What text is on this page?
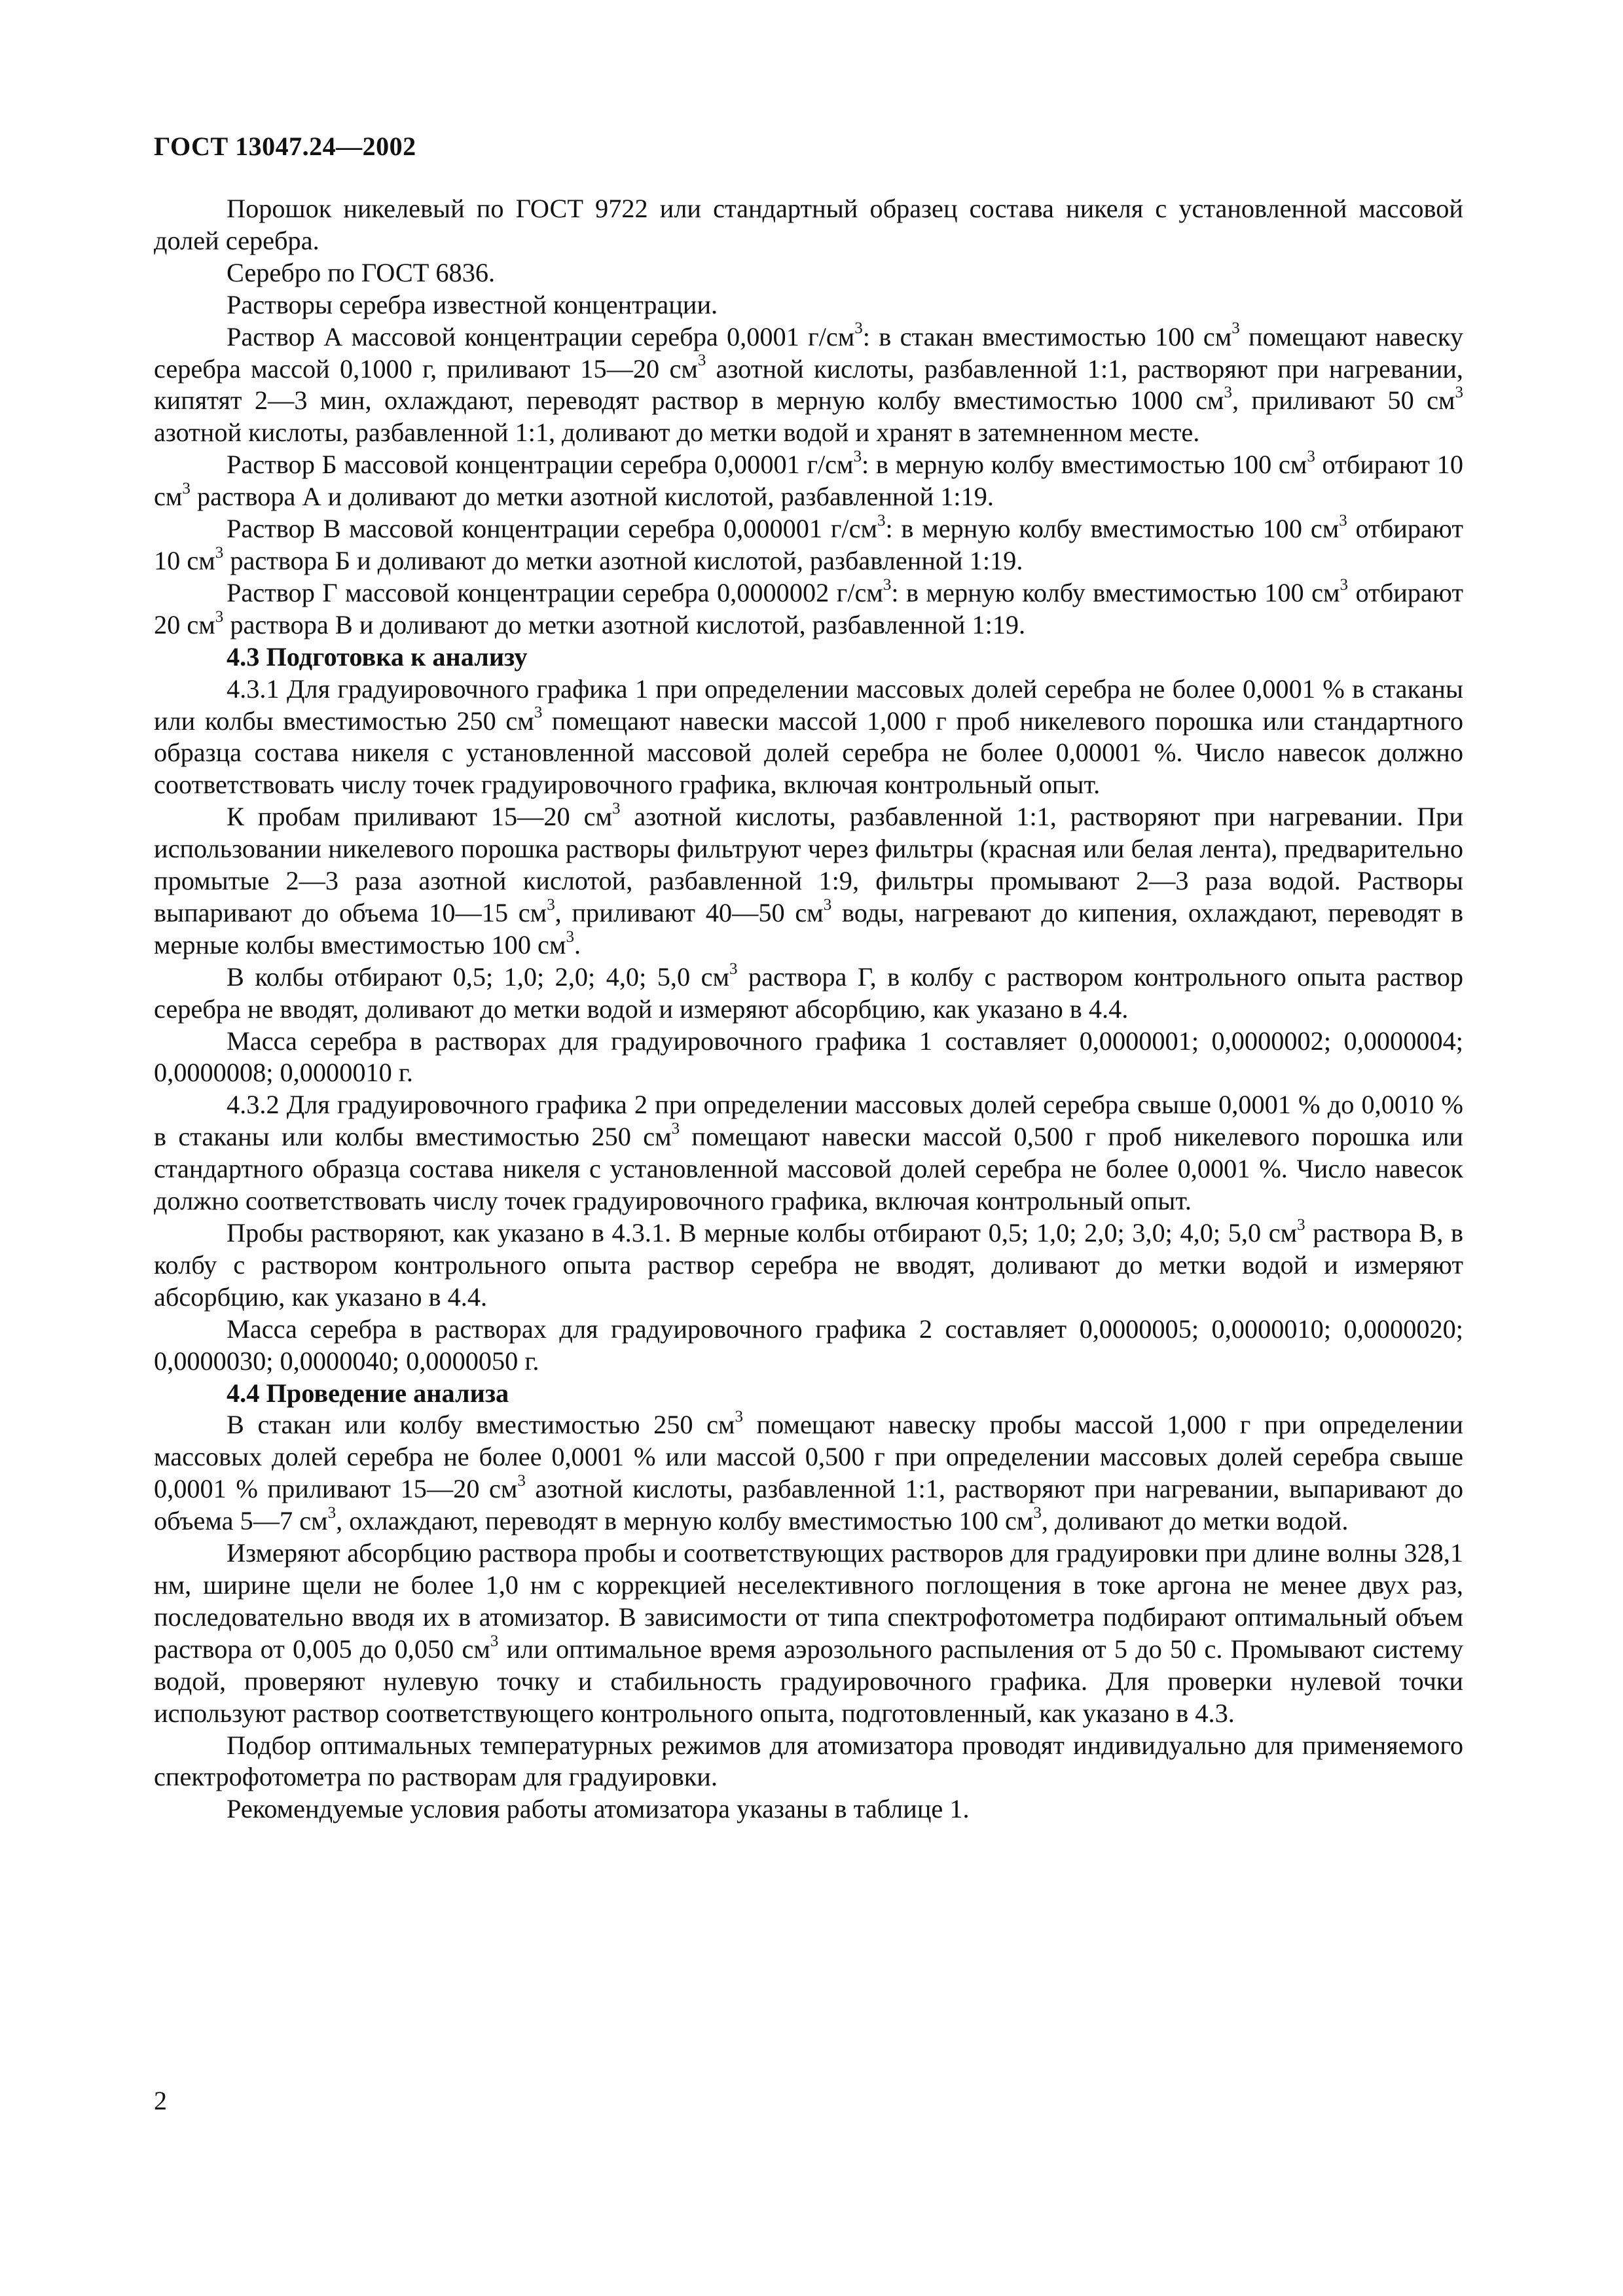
ГОСТ 13047.24—2002

Порошок никелевый по ГОСТ 9722 или стандартный образец состава никеля с установленной массовой долей серебра.

Серебро по ГОСТ 6836.

Растворы серебра известной концентрации.

Раствор А массовой концентрации серебра 0,0001 $г/см^3$: в стакан вместимостью 100 $см^3$ помещают навеску серебра массой 0,1000 г, приливают 15—20 $см^3$ азотной кислоты, разбавленной 1:1, растворяют при нагревании, кипятят 2—3 мин, охлаждают, переводят раствор в мерную колбу вместимостью 1000 $см^3$, приливают 50 $см^3$ азотной кислоты, разбавленной 1:1, доливают до метки водой и хранят в затемненном месте.

Раствор Б массовой концентрации серебра 0,00001 $г/см^3$: в мерную колбу вместимостью 100 $см^3$ отбирают 10 $см^3$ раствора А и доливают до метки азотной кислотой, разбавленной 1:19.

Раствор В массовой концентрации серебра 0,000001 $г/см^3$: в мерную колбу вместимостью 100 $см^3$ отбирают 10 $см^3$ раствора Б и доливают до метки азотной кислотой, разбавленной 1:19.

Раствор Г массовой концентрации серебра 0,0000002 $г/см^3$: в мерную колбу вместимостью 100 $см^3$ отбирают 20 $см^3$ раствора В и доливают до метки азотной кислотой, разбавленной 1:19.

4.3 Подготовка к анализу

4.3.1 Для градуировочного графика 1 при определении массовых долей серебра не более 0,0001 % в стаканы или колбы вместимостью 250 $см^3$ помещают навески массой 1,000 г проб никелевого порошка или стандартного образца состава никеля с установленной массовой долей серебра не более 0,00001 %. Число навесок должно соответствовать числу точек градуировочного графика, включая контрольный опыт.

К пробам приливают 15—20 $см^3$ азотной кислоты, разбавленной 1:1, растворяют при нагревании. При использовании никелевого порошка растворы фильтруют через фильтры (красная или белая лента), предварительно промытые 2—3 раза азотной кислотой, разбавленной 1:9, фильтры промывают 2—3 раза водой. Растворы выпаривают до объема 10—15 $см^3$, приливают 40—50 $см^3$ воды, нагревают до кипения, охлаждают, переводят в мерные колбы вместимостью 100 $см^3$.

В колбы отбирают 0,5; 1,0; 2,0; 4,0; 5,0 $см^3$ раствора Г, в колбу с раствором контрольного опыта раствор серебра не вводят, доливают до метки водой и измеряют абсорбцию, как указано в 4.4.

Масса серебра в растворах для градуировочного графика 1 составляет 0,0000001; 0,0000002; 0,0000004; 0,0000008; 0,0000010 г.

4.3.2 Для градуировочного графика 2 при определении массовых долей серебра свыше 0,0001 % до 0,0010 % в стаканы или колбы вместимостью 250 $см^3$ помещают навески массой 0,500 г проб никелевого порошка или стандартного образца состава никеля с установленной массовой долей серебра не более 0,0001 %. Число навесок должно соответствовать числу точек градуировочного графика, включая контрольный опыт.

Пробы растворяют, как указано в 4.3.1. В мерные колбы отбирают 0,5; 1,0; 2,0; 3,0; 4,0; 5,0 $см^3$ раствора В, в колбу с раствором контрольного опыта раствор серебра не вводят, доливают до метки водой и измеряют абсорбцию, как указано в 4.4.

Масса серебра в растворах для градуировочного графика 2 составляет 0,0000005; 0,0000010; 0,0000020; 0,0000030; 0,0000040; 0,0000050 г.

4.4 Проведение анализа

В стакан или колбу вместимостью 250 $см^3$ помещают навеску пробы массой 1,000 г при определении массовых долей серебра не более 0,0001 % или массой 0,500 г при определении массовых долей серебра свыше 0,0001 % приливают 15—20 $см^3$ азотной кислоты, разбавленной 1:1, растворяют при нагревании, выпаривают до объема 5—7 $см^3$, охлаждают, переводят в мерную колбу вместимостью 100 $см^3$, доливают до метки водой.

Измеряют абсорбцию раствора пробы и соответствующих растворов для градуировки при длине волны 328,1 нм, ширине щели не более 1,0 нм с коррекцией неселективного поглощения в токе аргона не менее двух раз, последовательно вводя их в атомизатор. В зависимости от типа спектрофотометра подбирают оптимальный объем раствора от 0,005 до 0,050 $см^3$ или оптимальное время аэрозольного распыления от 5 до 50 с. Промывают систему водой, проверяют нулевую точку и стабильность градуировочного графика. Для проверки нулевой точки используют раствор соответствующего контрольного опыта, подготовленный, как указано в 4.3.

Подбор оптимальных температурных режимов для атомизатора проводят индивидуально для применяемого спектрофотометра по растворам для градуировки.

Рекомендуемые условия работы атомизатора указаны в таблице 1.

2
